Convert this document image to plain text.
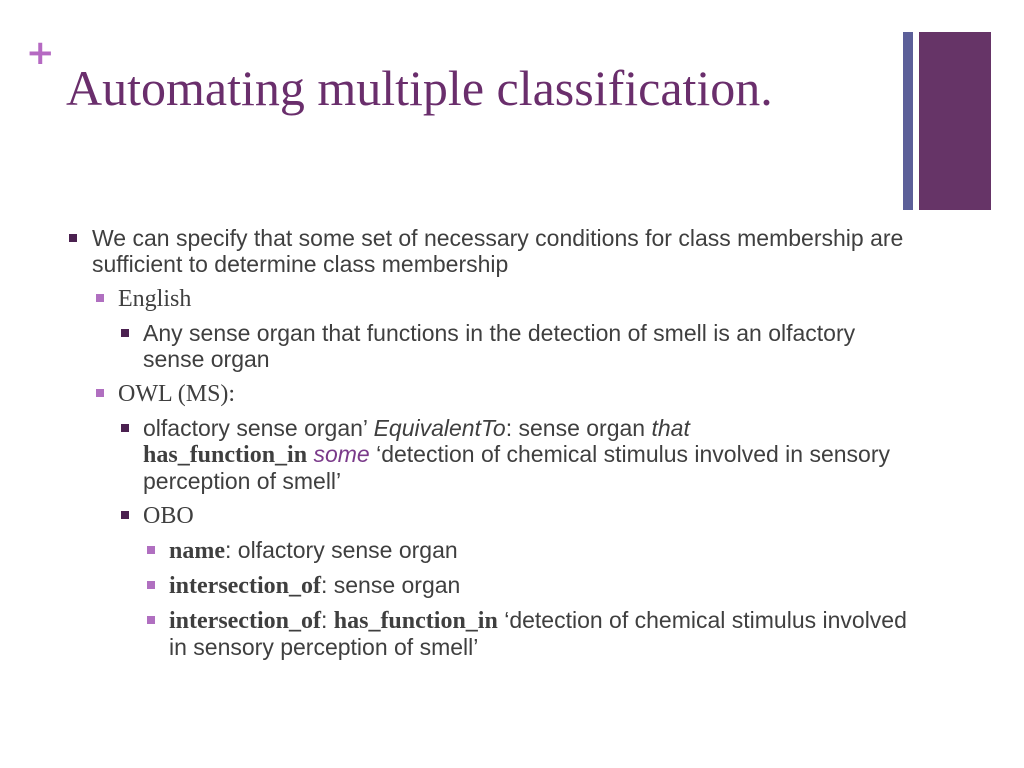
+
Automating multiple classification.
We can specify that some set of necessary conditions for class membership are sufficient to determine class membership
English
Any sense organ that functions in the detection of smell is an olfactory sense organ
OWL (MS):
olfactory sense organ’ EquivalentTo: sense organ that
has_function_in some ‘detection of chemical stimulus involved in sensory perception of smell’
OBO
name: olfactory sense organ
intersection_of: sense organ
intersection_of: has_function_in ‘detection of chemical stimulus involved in sensory perception of smell’
